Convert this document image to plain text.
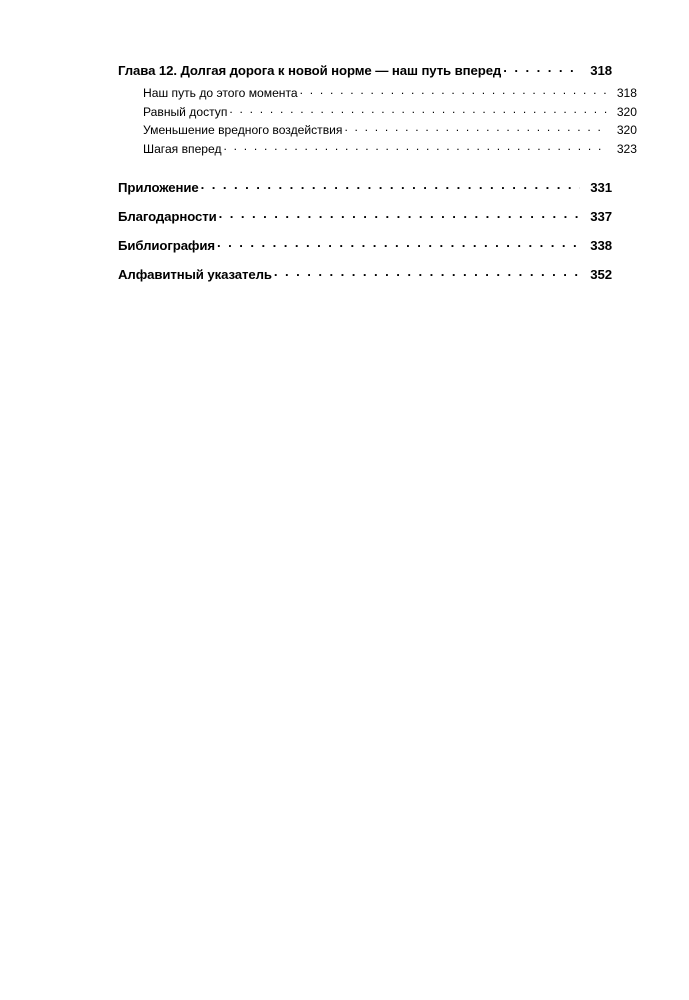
Глава 12. Долгая дорога к новой норме — наш путь вперед . . .	318
Наш путь до этого момента . . .	318
Равный доступ . . .	320
Уменьшение вредного воздействия . . .	320
Шагая вперед . . .	323
Приложение . . .	331
Благодарности . . .	337
Библиография . . .	338
Алфавитный указатель . . .	352
